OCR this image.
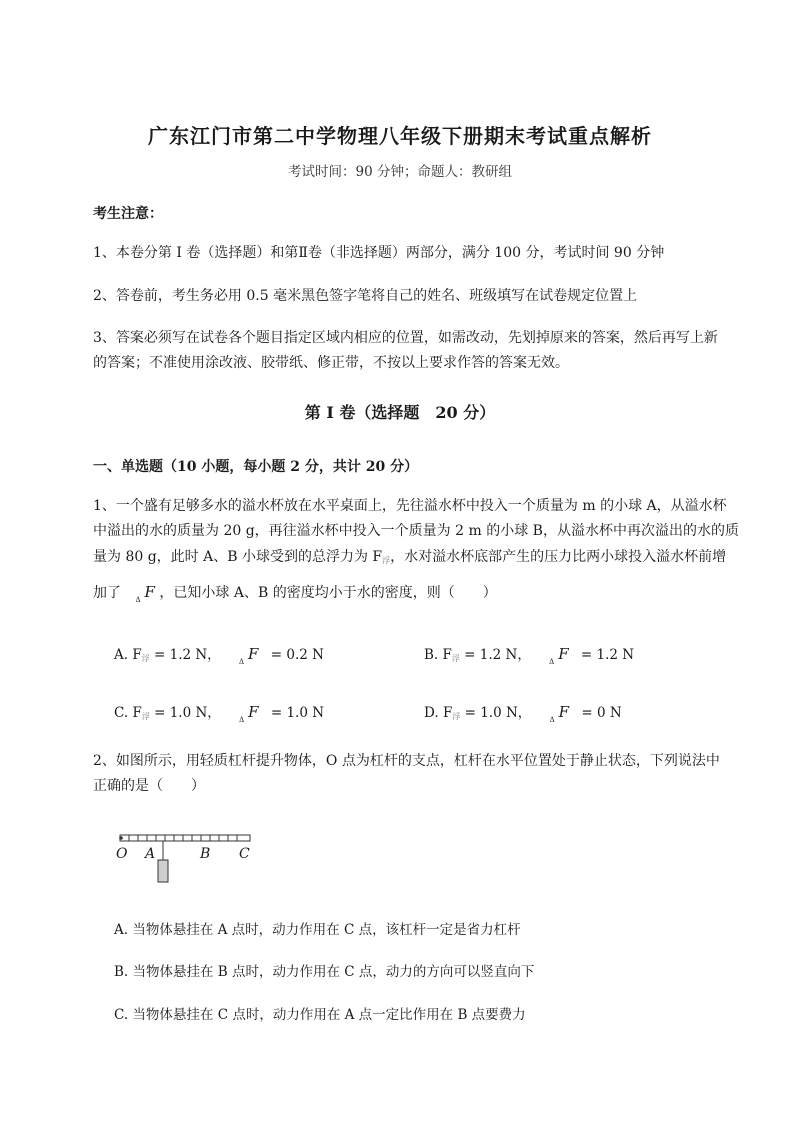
广东江门市第二中学物理八年级下册期末考试重点解析
考试时间：90 分钟；命题人：教研组
考生注意：
1、本卷分第 I 卷（选择题）和第Ⅱ卷（非选择题）两部分，满分 100 分，考试时间 90 分钟
2、答卷前，考生务必用 0.5 毫米黑色签字笔将自己的姓名、班级填写在试卷规定位置上
3、答案必须写在试卷各个题目指定区域内相应的位置，如需改动，先划掉原来的答案，然后再写上新
的答案；不准使用涂改液、胶带纸、修正带，不按以上要求作答的答案无效。
第 I 卷（选择题　20 分）
一、单选题（10 小题，每小题 2 分，共计 20 分）
1、一个盛有足够多水的溢水杯放在水平桌面上，先往溢水杯中投入一个质量为 m 的小球 A，从溢水杯
中溢出的水的质量为 20 g，再往溢水杯中投入一个质量为 2 m 的小球 B，从溢水杯中再次溢出的水的质
量为 80 g，此时 A、B 小球受到的总浮力为 $F_浮$，水对溢水杯底部产生的压力比两小球投入溢水杯前增
加了 $_\Delta$ F ，已知小球 A、B 的密度均小于水的密度，则（　　）
A. $F_浮 = 1.2$ N，	$_\Delta$ F = 0.2 N	B. $F_浮 = 1.2$ N，	$_\Delta$ F = 1.2 N
C. $F_浮 = 1.0$ N，	$_\Delta$ F = 1.0 N	D. $F_浮 = 1.0$ N，	$_\Delta$ F = 0 N
2、如图所示，用轻质杠杆提升物体，O 点为杠杆的支点，杠杆在水平位置处于静止状态，下列说法中
正确的是（　　）
O A	B C
A. 当物体悬挂在 A 点时，动力作用在 C 点，该杠杆一定是省力杠杆
B. 当物体悬挂在 B 点时，动力作用在 C 点，动力的方向可以竖直向下
C. 当物体悬挂在 C 点时，动力作用在 A 点一定比作用在 B 点要费力
